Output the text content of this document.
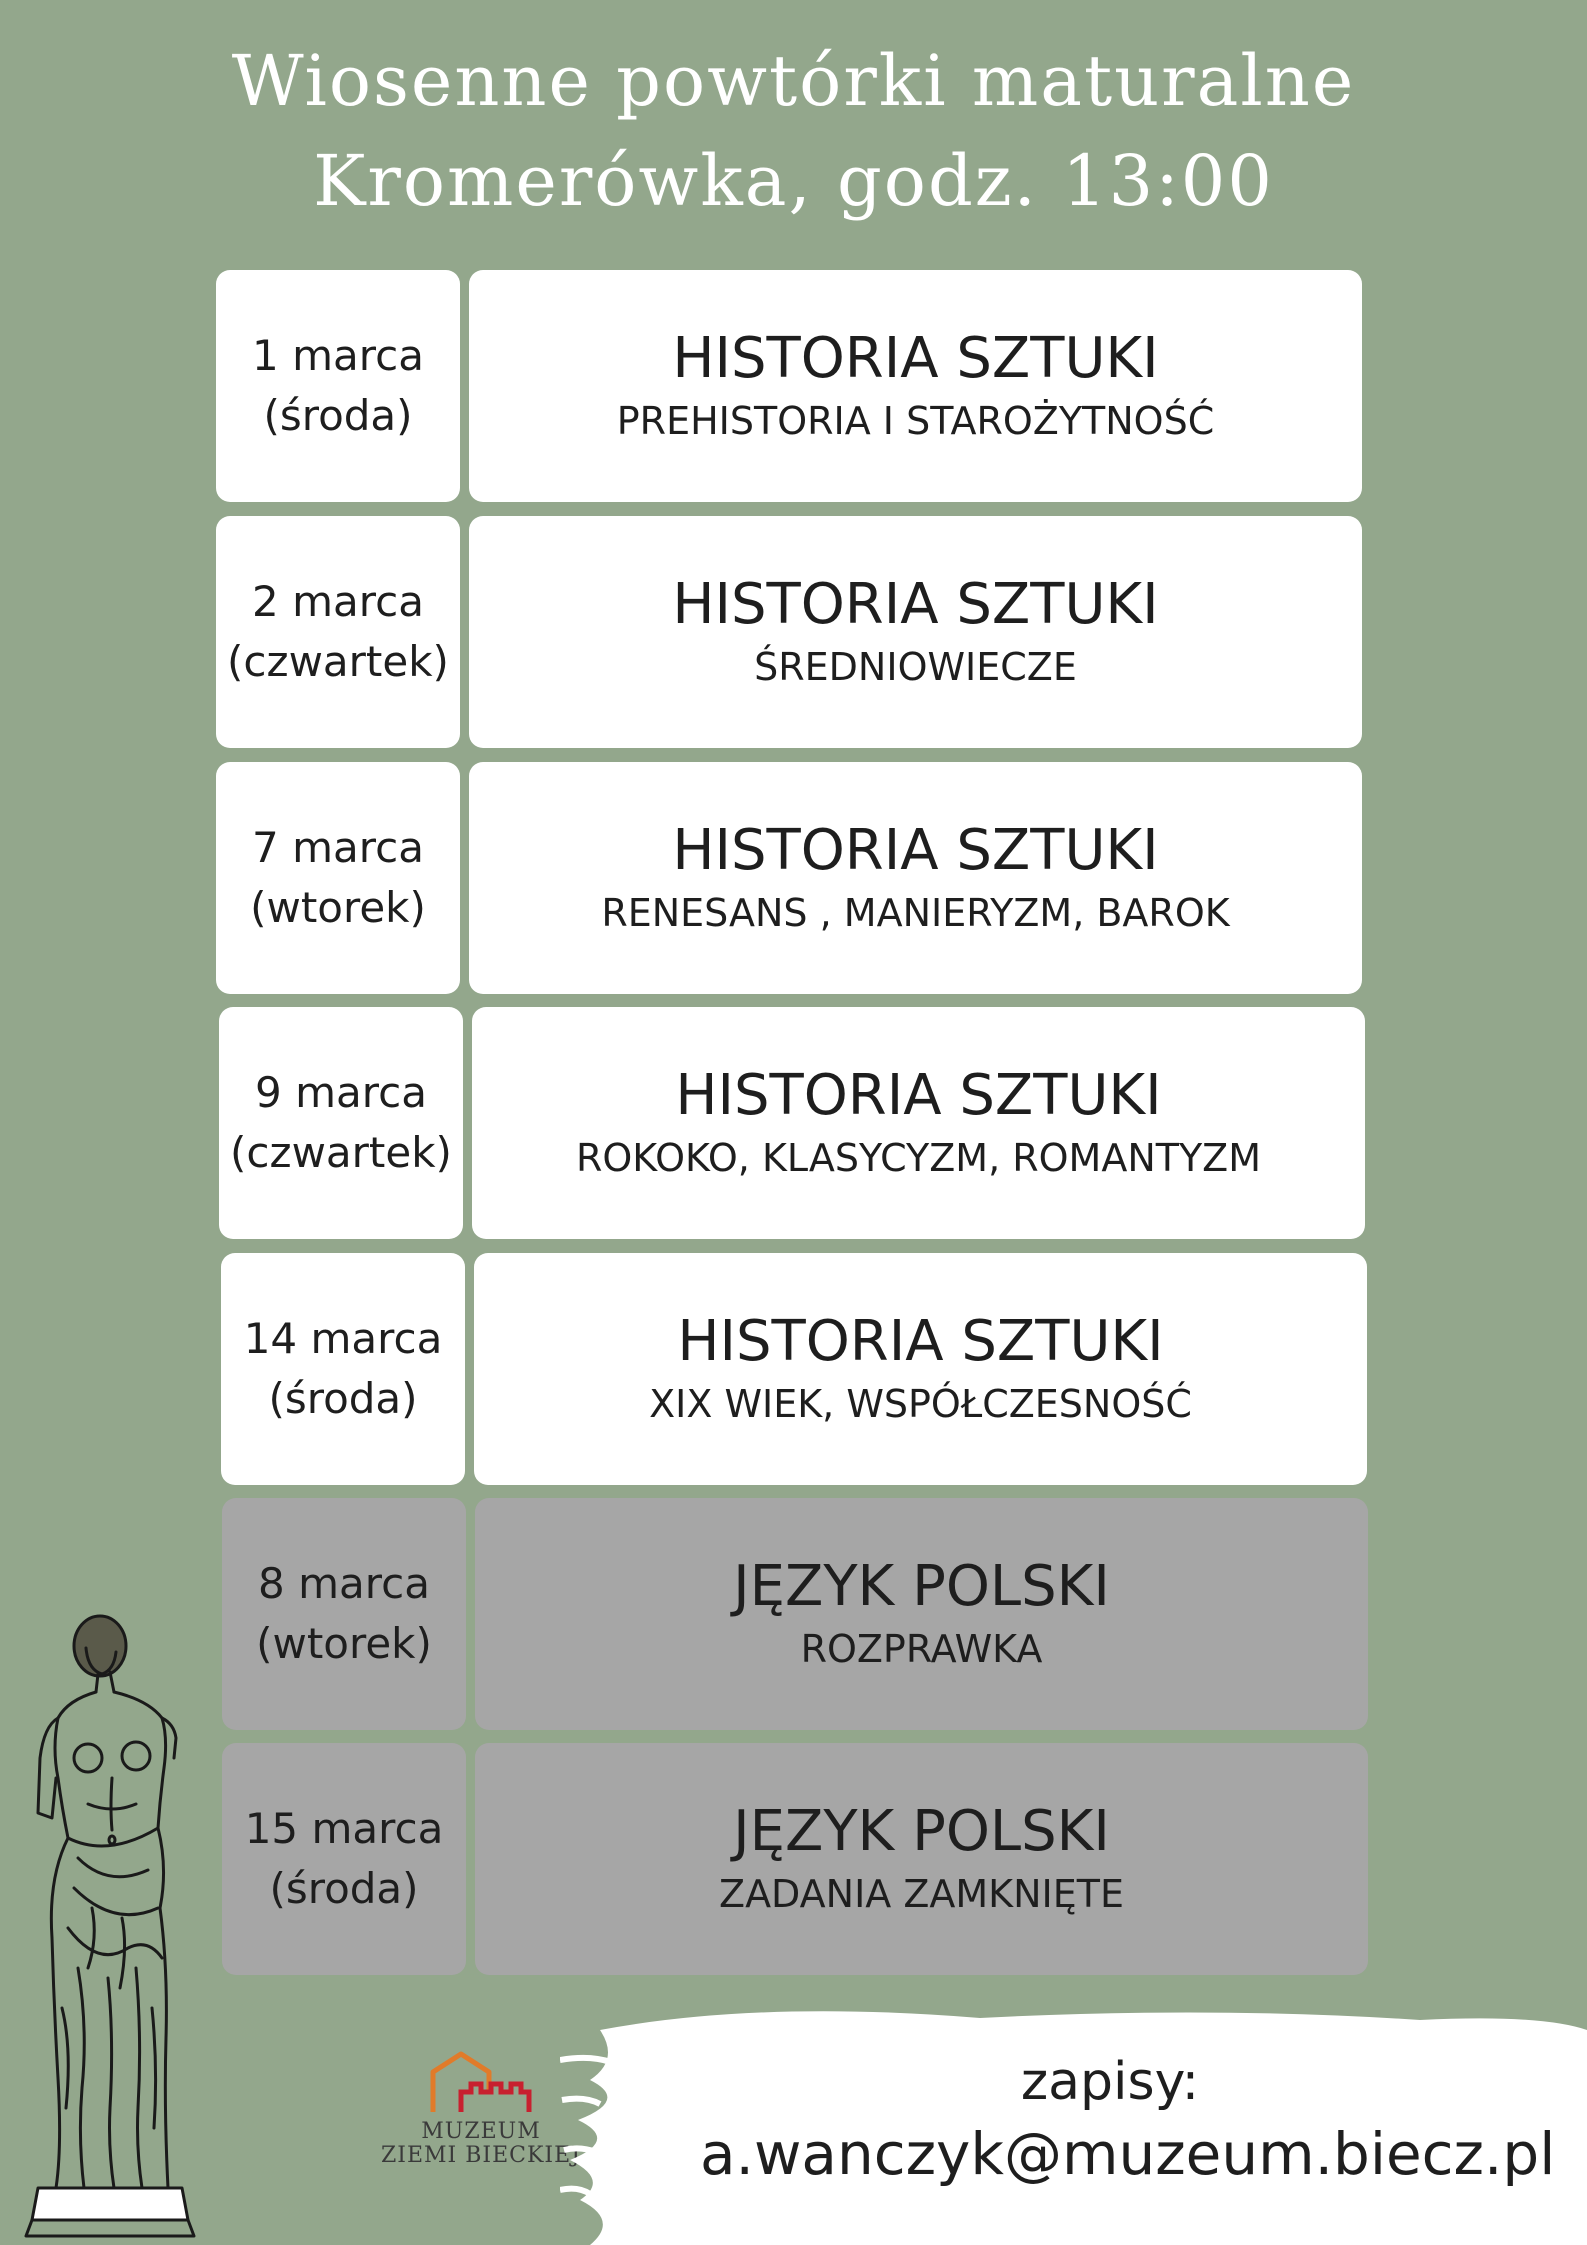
Wiosenne powtórki maturalne
Kromerówka, godz. 13:00
1 marca
(środa)
HISTORIA SZTUKI
PREHISTORIA I STAROŻYTNOŚĆ
2 marca
(czwartek)
HISTORIA SZTUKI
ŚREDNIOWIECZE
7 marca
(wtorek)
HISTORIA SZTUKI
RENESANS , MANIERYZM, BAROK
9 marca
(czwartek)
HISTORIA SZTUKI
ROKOKO, KLASYCYZM, ROMANTYZM
14 marca
(środa)
HISTORIA SZTUKI
XIX WIEK, WSPÓŁCZESNOŚĆ
8 marca
(wtorek)
JĘZYK POLSKI
ROZPRAWKA
15 marca
(środa)
JĘZYK POLSKI
ZADANIA ZAMKNIĘTE
MUZEUM
ZIEMI BIECKIEJ
zapisy:
a.wanczyk@muzeum.biecz.pl
